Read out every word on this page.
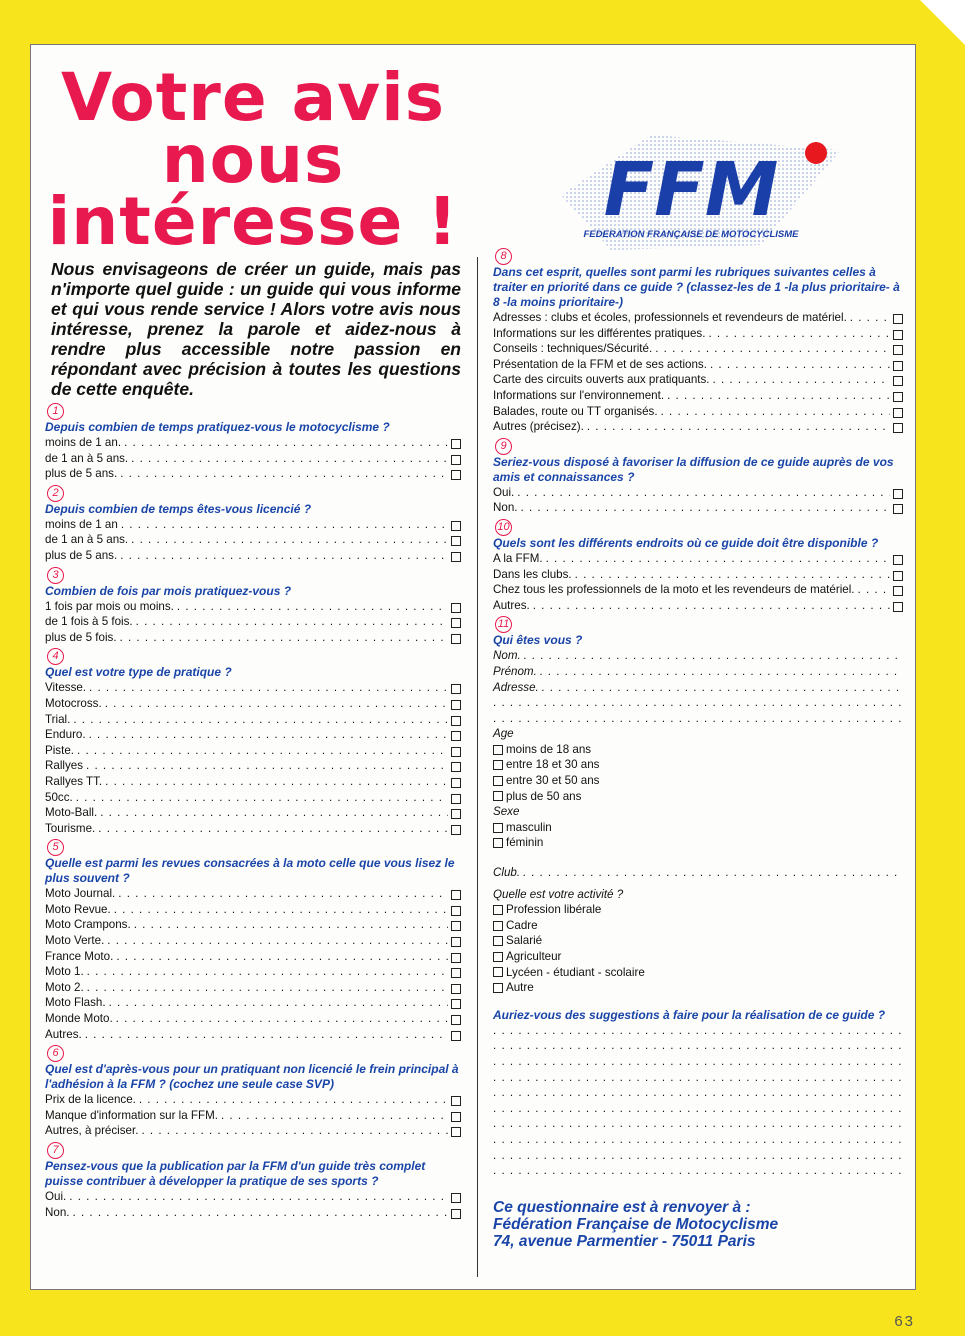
Votre avis
nous
intéresse !
Nous envisageons de créer un guide, mais pas n'importe quel guide : un guide qui vous informe et qui vous rende service ! Alors votre avis nous intéresse, prenez la parole et aidez-nous à rendre plus accessible notre passion en répondant avec précision à toutes les questions de cette enquête.
1
Depuis combien de temps pratiquez-vous le motocyclisme ?
moins de 1 an.
. . .
de 1 an à 5 ans.
. . .
plus de 5 ans.
. . .
2
Depuis combien de temps êtes-vous licencié ?
moins de 1 an
. . .
de 1 an à 5 ans.
. . .
plus de 5 ans.
. . .
3
Combien de fois par mois pratiquez-vous ?
1 fois par mois ou moins.
. . .
de 1 fois à 5 fois.
. . .
plus de 5 fois.
. . .
4
Quel est votre type de pratique ?
Vitesse.
. . .
Motocross.
. . .
Trial.
. . .
Enduro.
. . .
Piste.
. . .
Rallyes
. . .
Rallyes TT.
. . .
50cc.
. . .
Moto-Ball.
. . .
Tourisme.
. . .
5
Quelle est parmi les revues consacrées à la moto celle que vous lisez le plus souvent ?
Moto Journal.
. . .
Moto Revue.
. . .
Moto Crampons.
. . .
Moto Verte.
. . .
France Moto.
. . .
Moto 1.
. . .
Moto 2.
. . .
Moto Flash.
. . .
Monde Moto.
. . .
Autres.
. . .
6
Quel est d'après-vous pour un pratiquant non licencié le frein principal à l'adhésion à la FFM ? (cochez une seule case SVP)
Prix de la licence.
. . .
Manque d'information sur la FFM.
. . .
Autres, à préciser.
. . .
7
Pensez-vous que la publication par la FFM d'un guide très complet puisse contribuer à développer la pratique de ses sports ?
Oui.
. . .
Non.
. . .
FFM
FEDERATION FRANÇAISE DE MOTOCYCLISME
8
Dans cet esprit, quelles sont parmi les rubriques suivantes celles à traiter en priorité dans ce guide ? (classez-les de 1 -la plus prioritaire- à 8 -la moins prioritaire-)
Adresses : clubs et écoles, professionnels et revendeurs de matériel.
. . .
Informations sur les différentes pratiques.
. . .
Conseils : techniques/Sécurité.
. . .
Présentation de la FFM et de ses actions.
. . .
Carte des circuits ouverts aux pratiquants.
. . .
Informations sur l'environnement.
. . .
Balades, route ou TT organisés.
. . .
Autres (précisez).
. . .
9
Seriez-vous disposé à favoriser la diffusion de ce guide auprès de vos amis et connaissances ?
Oui.
. . .
Non.
. . .
10
Quels sont les différents endroits où ce guide doit être disponible ?
A la FFM.
. . .
Dans les clubs.
. . .
Chez tous les professionnels de la moto et les revendeurs de matériel.
. . .
Autres.
. . .
11
Qui êtes vous ?
Nom.
. . .
Prénom.
. . .
Adresse.
. . .
. . .
. . .
Age
moins de 18 ans
entre 18 et 30 ans
entre 30 et 50 ans
plus de 50 ans
Sexe
masculin
féminin
Club.
. . .
Quelle est votre activité ?
Profession libérale
Cadre
Salarié
Agriculteur
Lycéen - étudiant - scolaire
Autre
Auriez-vous des suggestions à faire pour la réalisation de ce guide ?
. . .
. . .
. . .
. . .
. . .
. . .
. . .
. . .
. . .
. . .
Ce questionnaire est à renvoyer à :
Fédération Française de Motocyclisme
74, avenue Parmentier - 75011 Paris
63
